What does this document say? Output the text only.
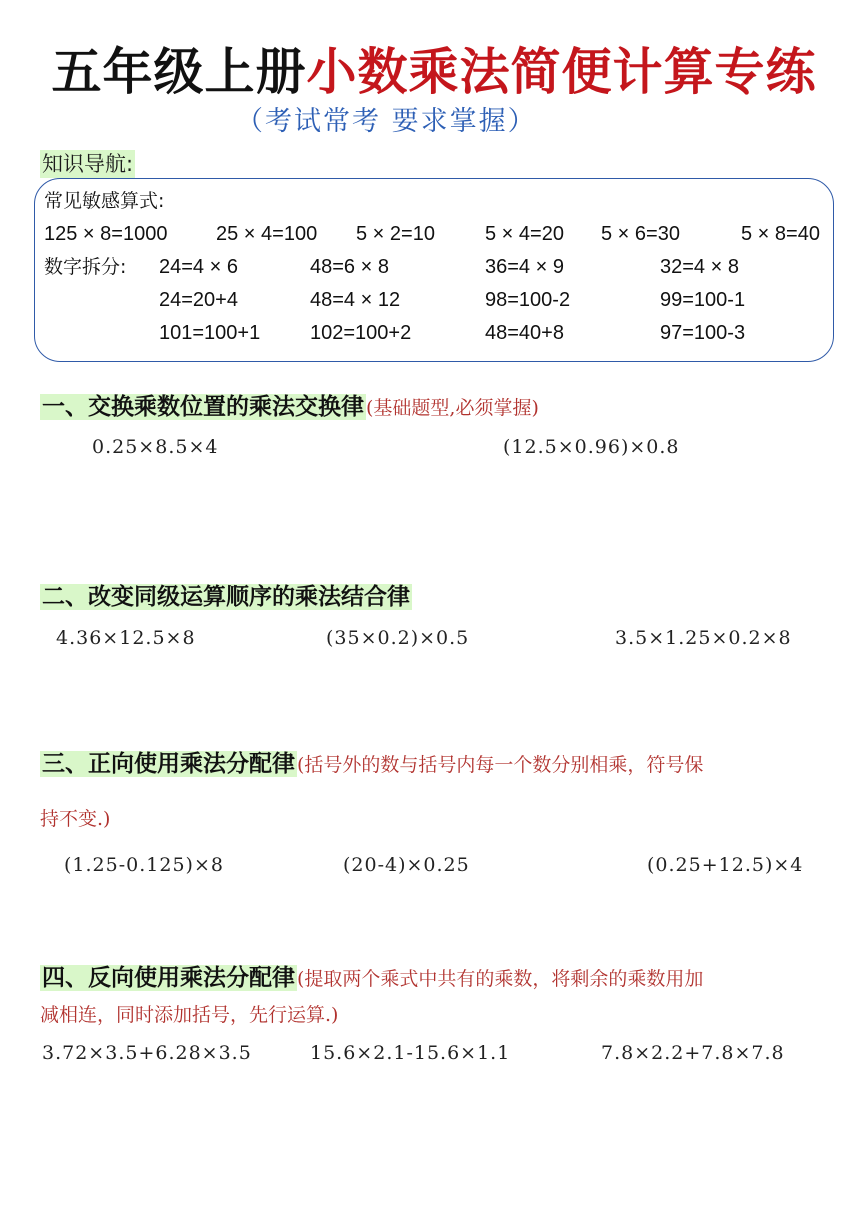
五年级上册小数乘法简便计算专练
（考试常考 要求掌握）
知识导航:
常见敏感算式:
125 × 8=1000 25 × 4=100 5 × 2=10	5 × 4=20 5 × 6=30	5 × 8=40
数字拆分: 24=4 × 6	48=6 × 8	36=4 × 9	32=4 × 8
24=20+4	48=4 × 12	98=100-2	99=100-1
101=100+1 102=100+2	48=40+8	97=100-3
一、交换乘数位置的乘法交换律 (基础题型,必须掌握)
0.25×8.5×4	(12.5×0.96)×0.8
二、改变同级运算顺序的乘法结合律
4.36×12.5×8	(35×0.2)×0.5	3.5×1.25×0.2×8
三、正向使用乘法分配律 (括号外的数与括号内每一个数分别相乘，符号保
持不变.)
(1.25-0.125)×8	(20-4)×0.25	(0.25+12.5)×4
四、反向使用乘法分配律 (提取两个乘式中共有的乘数，将剩余的乘数用加
减相连，同时添加括号，先行运算.)
3.72×3.5+6.28×3.5	15.6×2.1-15.6×1.1	7.8×2.2+7.8×7.8
